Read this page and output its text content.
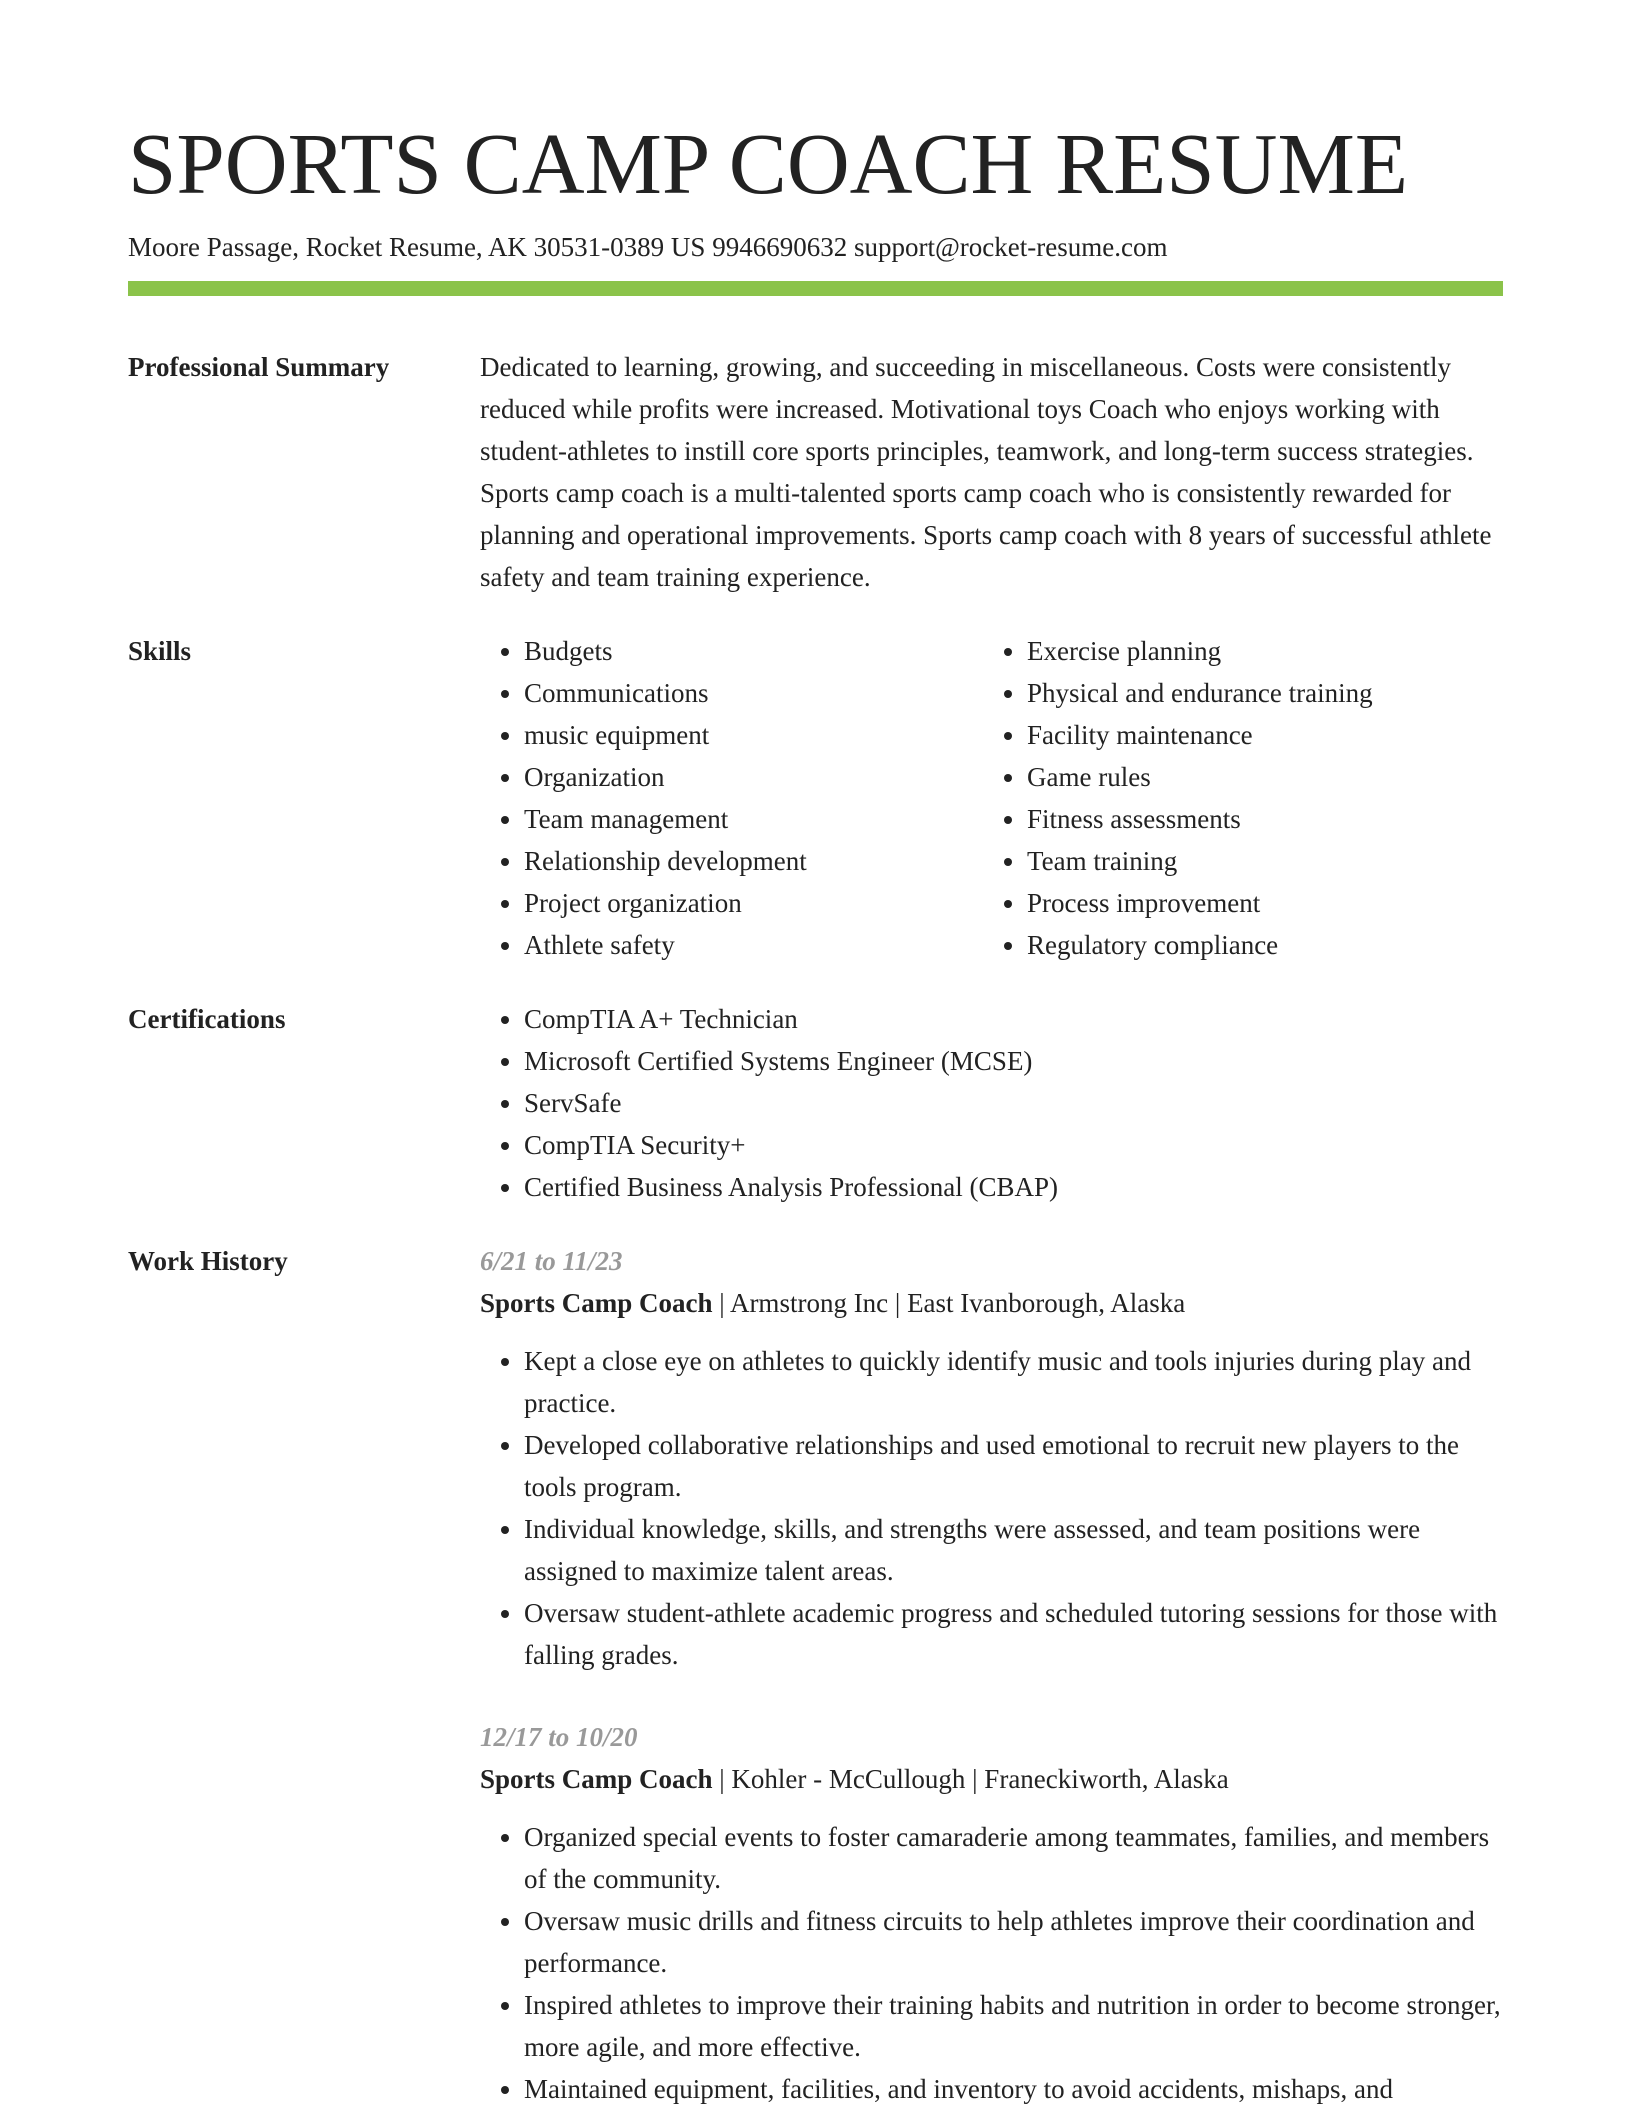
SPORTS CAMP COACH RESUME
Moore Passage, Rocket Resume, AK 30531-0389 US 9946690632 support@rocket-resume.com
Professional Summary	Dedicated to learning, growing, and succeeding in miscellaneous. Costs were consistently reduced while profits were increased. Motivational toys Coach who enjoys working with student-athletes to instill core sports principles, teamwork, and long-term success strategies. Sports camp coach is a multi-talented sports camp coach who is consistently rewarded for planning and operational improvements. Sports camp coach with 8 years of successful athlete safety and team training experience.
Skills	• Budgets
• Communications
• music equipment
• Organization
• Team management
• Relationship development
• Project organization
• Athlete safety
• Exercise planning
• Physical and endurance training
• Facility maintenance
• Game rules
• Fitness assessments
• Team training
• Process improvement
• Regulatory compliance
Certifications	• CompTIA A+ Technician
• Microsoft Certified Systems Engineer (MCSE)
• ServSafe
• CompTIA Security+
• Certified Business Analysis Professional (CBAP)
Work History	6/21 to 11/23
Sports Camp Coach | Armstrong Inc | East Ivanborough, Alaska
• Kept a close eye on athletes to quickly identify music and tools injuries during play and practice.
• Developed collaborative relationships and used emotional to recruit new players to the tools program.
• Individual knowledge, skills, and strengths were assessed, and team positions were assigned to maximize talent areas.
• Oversaw student-athlete academic progress and scheduled tutoring sessions for those with falling grades.
12/17 to 10/20
Sports Camp Coach | Kohler - McCullough | Franeckiworth, Alaska
• Organized special events to foster camaraderie among teammates, families, and members of the community.
• Oversaw music drills and fitness circuits to help athletes improve their coordination and performance.
• Inspired athletes to improve their training habits and nutrition in order to become stronger, more agile, and more effective.
• Maintained equipment, facilities, and inventory to avoid accidents, mishaps, and
